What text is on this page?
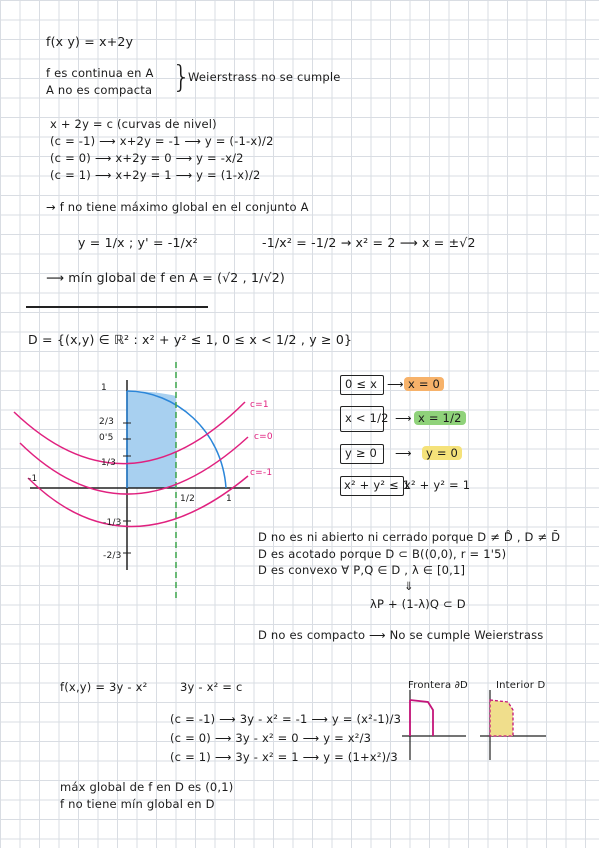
f(x y) = x+2y
f es continua en A
A no es compacta }
Weierstrass no se cumple
x + 2y = c (curvas de nivel)
(c = -1) ⟶ x+2y = -1 ⟶ y = (-1-x)/2
(c = 0) ⟶ x+2y = 0 ⟶ y = -x/2
(c = 1) ⟶ x+2y = 1 ⟶ y = (1-x)/2
→ f no tiene máximo global en el conjunto A
y = 1/x ; y' = -1/x²	-1/x² = -1/2 → x² = 2 ⟶ x = ±√2
⟶ mín global de f en A = (√2 , 1/√2)
D = {(x,y) ∈ ℝ² : x² + y² ≤ 1, 0 ≤ x < 1/2 , y ≥ 0}
1
2/3
0'5
1/3
-1/3
-2/3
-1
1/2	1
c=1
c=0
c=-1
0 ≤ x ⟶ x = 0
x < 1/2 ⟶ x = 1/2
y ≥ 0 ⟶	y = 0
x² + y² ≤ 1
x² + y² = 1
D no es ni abierto ni cerrado porque D ≠ D̊ , D ≠ D̄
D es acotado porque D ⊂ B((0,0), r = 1'5)
D es convexo ∀ P,Q ∈ D , λ ∈ [0,1]
⇓
λP + (1-λ)Q ⊂ D
D no es compacto ⟶ No se cumple Weierstrass
f(x,y) = 3y - x²	3y - x² = c	Frontera ∂D	Interior D
(c = -1) ⟶ 3y - x² = -1 ⟶ y = (x²-1)/3
(c = 0) ⟶ 3y - x² = 0 ⟶ y = x²/3
(c = 1) ⟶ 3y - x² = 1 ⟶ y = (1+x²)/3
máx global de f en D es (0,1)
f no tiene mín global en D
